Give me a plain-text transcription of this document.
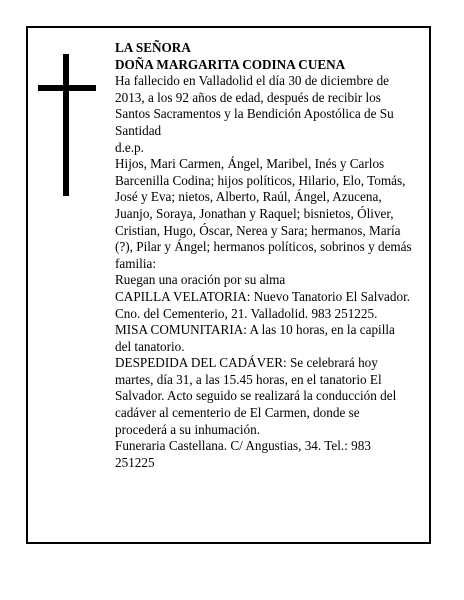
LA SEÑORA

DOÑA MARGARITA CODINA CUENA

Ha fallecido en Valladolid el día 30 de diciembre de 2013, a los 92 años de edad, después de recibir los Santos Sacramentos y la Bendición Apostólica de Su Santidad

d.e.p.

Hijos, Mari Carmen, Ángel, Maribel, Inés y Carlos Barcenilla Codina; hijos políticos, Hilario, Elo, Tomás, José y Eva; nietos, Alberto, Raúl, Ángel, Azucena, Juanjo, Soraya, Jonathan y Raquel; bisnietos, Óliver, Cristian, Hugo, Óscar, Nerea y Sara; hermanos, María (?), Pilar y Ángel; hermanos políticos, sobrinos y demás familia:

Ruegan una oración por su alma

CAPILLA VELATORIA: Nuevo Tanatorio El Salvador. Cno. del Cementerio, 21. Valladolid. 983 251225.

MISA COMUNITARIA: A las 10 horas, en la capilla del tanatorio.

DESPEDIDA DEL CADÁVER: Se celebrará hoy martes, día 31, a las 15.45 horas, en el tanatorio El Salvador. Acto seguido se realizará la conducción del cadáver al cementerio de El Carmen, donde se procederá a su inhumación.

Funeraria Castellana. C/ Angustias, 34. Tel.: 983 251225
